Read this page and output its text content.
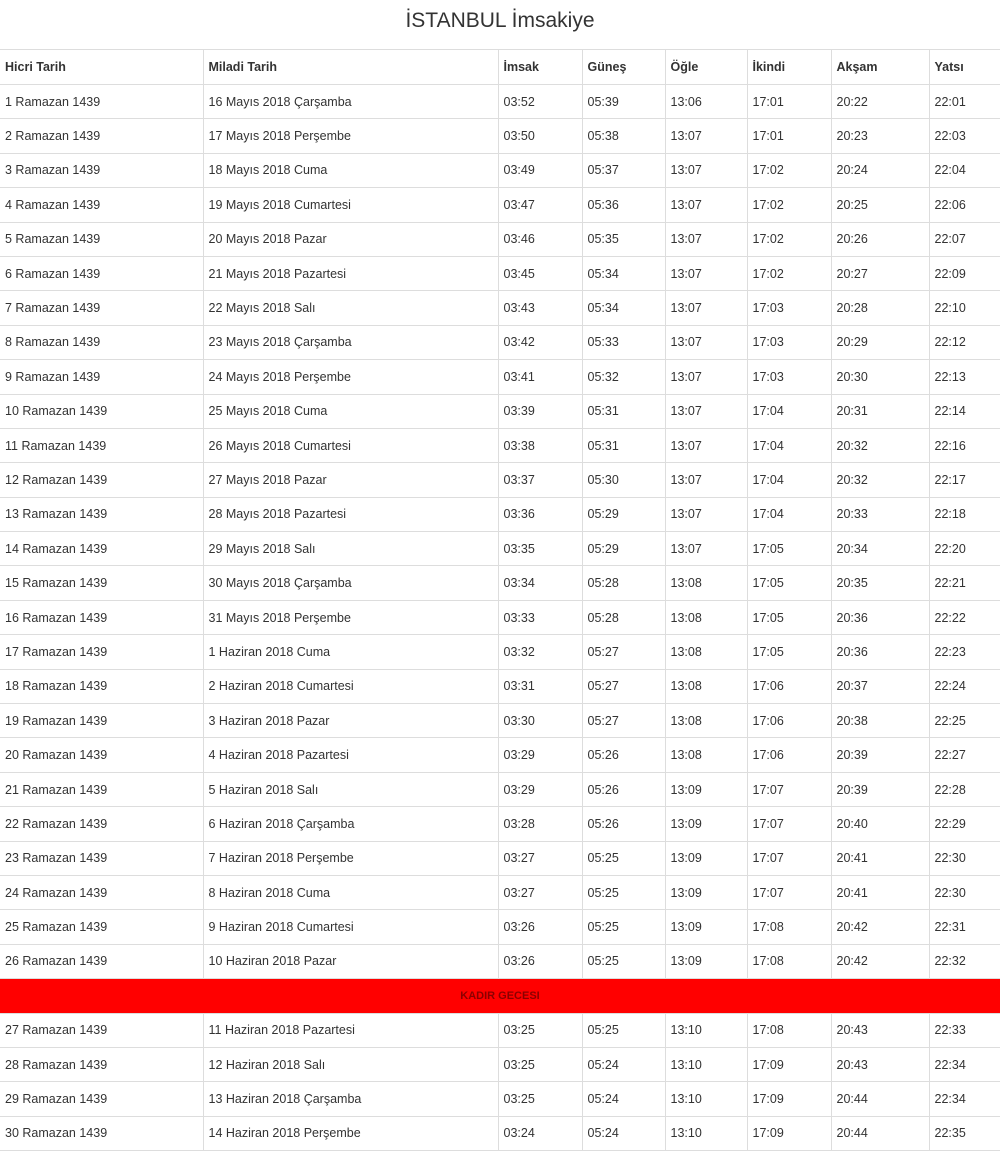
İSTANBUL İmsakiye
Hicri Tarih	Miladi Tarih	İmsak	Güneş	Öğle	İkindi	Akşam	Yatsı
1 Ramazan 1439	16 Mayıs 2018 Çarşamba	03:52	05:39	13:06	17:01	20:22	22:01
2 Ramazan 1439	17 Mayıs 2018 Perşembe	03:50	05:38	13:07	17:01	20:23	22:03
3 Ramazan 1439	18 Mayıs 2018 Cuma	03:49	05:37	13:07	17:02	20:24	22:04
4 Ramazan 1439	19 Mayıs 2018 Cumartesi	03:47	05:36	13:07	17:02	20:25	22:06
5 Ramazan 1439	20 Mayıs 2018 Pazar	03:46	05:35	13:07	17:02	20:26	22:07
6 Ramazan 1439	21 Mayıs 2018 Pazartesi	03:45	05:34	13:07	17:02	20:27	22:09
7 Ramazan 1439	22 Mayıs 2018 Salı	03:43	05:34	13:07	17:03	20:28	22:10
8 Ramazan 1439	23 Mayıs 2018 Çarşamba	03:42	05:33	13:07	17:03	20:29	22:12
9 Ramazan 1439	24 Mayıs 2018 Perşembe	03:41	05:32	13:07	17:03	20:30	22:13
10 Ramazan 1439	25 Mayıs 2018 Cuma	03:39	05:31	13:07	17:04	20:31	22:14
11 Ramazan 1439	26 Mayıs 2018 Cumartesi	03:38	05:31	13:07	17:04	20:32	22:16
12 Ramazan 1439	27 Mayıs 2018 Pazar	03:37	05:30	13:07	17:04	20:32	22:17
13 Ramazan 1439	28 Mayıs 2018 Pazartesi	03:36	05:29	13:07	17:04	20:33	22:18
14 Ramazan 1439	29 Mayıs 2018 Salı	03:35	05:29	13:07	17:05	20:34	22:20
15 Ramazan 1439	30 Mayıs 2018 Çarşamba	03:34	05:28	13:08	17:05	20:35	22:21
16 Ramazan 1439	31 Mayıs 2018 Perşembe	03:33	05:28	13:08	17:05	20:36	22:22
17 Ramazan 1439	1 Haziran 2018 Cuma	03:32	05:27	13:08	17:05	20:36	22:23
18 Ramazan 1439	2 Haziran 2018 Cumartesi	03:31	05:27	13:08	17:06	20:37	22:24
19 Ramazan 1439	3 Haziran 2018 Pazar	03:30	05:27	13:08	17:06	20:38	22:25
20 Ramazan 1439	4 Haziran 2018 Pazartesi	03:29	05:26	13:08	17:06	20:39	22:27
21 Ramazan 1439	5 Haziran 2018 Salı	03:29	05:26	13:09	17:07	20:39	22:28
22 Ramazan 1439	6 Haziran 2018 Çarşamba	03:28	05:26	13:09	17:07	20:40	22:29
23 Ramazan 1439	7 Haziran 2018 Perşembe	03:27	05:25	13:09	17:07	20:41	22:30
24 Ramazan 1439	8 Haziran 2018 Cuma	03:27	05:25	13:09	17:07	20:41	22:30
25 Ramazan 1439	9 Haziran 2018 Cumartesi	03:26	05:25	13:09	17:08	20:42	22:31
26 Ramazan 1439	10 Haziran 2018 Pazar	03:26	05:25	13:09	17:08	20:42	22:32
KADIR GECESI							
27 Ramazan 1439	11 Haziran 2018 Pazartesi	03:25	05:25	13:10	17:08	20:43	22:33
28 Ramazan 1439	12 Haziran 2018 Salı	03:25	05:24	13:10	17:09	20:43	22:34
29 Ramazan 1439	13 Haziran 2018 Çarşamba	03:25	05:24	13:10	17:09	20:44	22:34
30 Ramazan 1439	14 Haziran 2018 Perşembe	03:24	05:24	13:10	17:09	20:44	22:35
